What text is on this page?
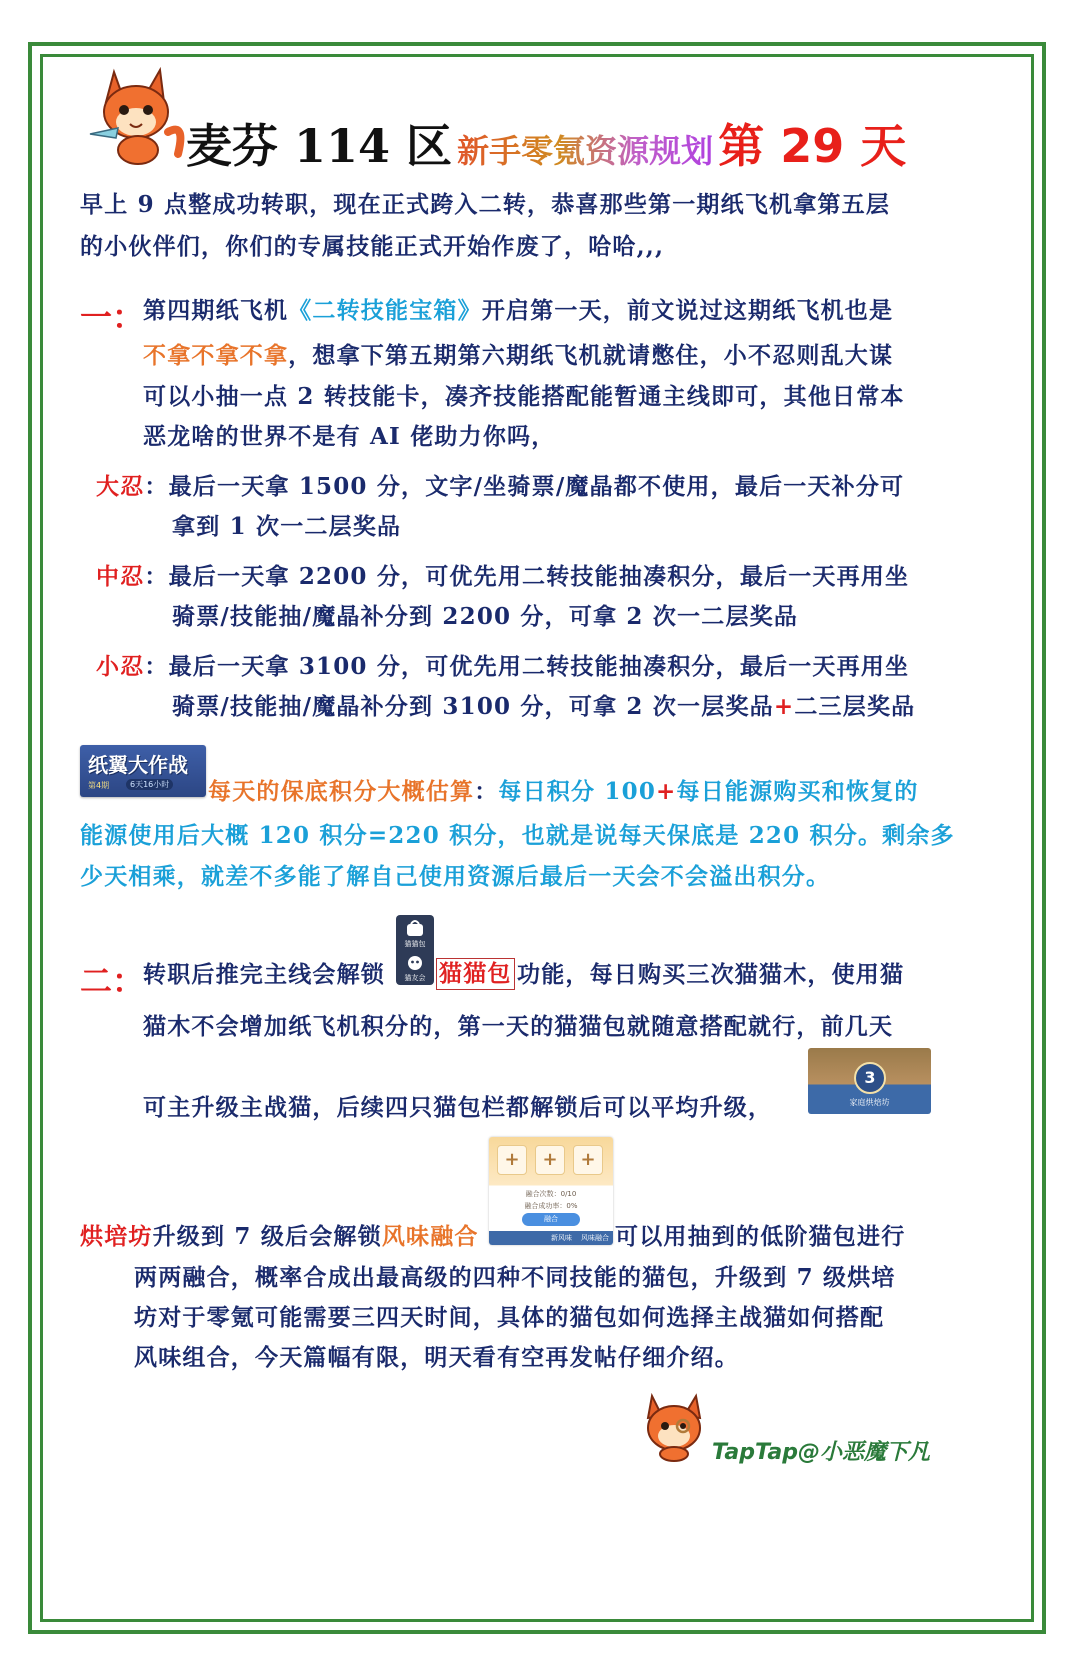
麦芬 114 区 新手零氪资源规划 第 29 天
早上 9 点整成功转职，现在正式跨入二转，恭喜那些第一期纸飞机拿第五层
的小伙伴们，你们的专属技能正式开始作废了，哈哈,,,
一：
第四期纸飞机《二转技能宝箱》开启第一天，前文说过这期纸飞机也是
不拿不拿不拿，想拿下第五期第六期纸飞机就请憋住，小不忍则乱大谋
可以小抽一点 2 转技能卡，凑齐技能搭配能暂通主线即可，其他日常本
恶龙啥的世界不是有 AI 佬助力你吗，
大忍：最后一天拿 1500 分，文字/坐骑票/魔晶都不使用，最后一天补分可
拿到 1 次一二层奖品
中忍：最后一天拿 2200 分，可优先用二转技能抽凑积分，最后一天再用坐
骑票/技能抽/魔晶补分到 2200 分，可拿 2 次一二层奖品
小忍：最后一天拿 3100 分，可优先用二转技能抽凑积分，最后一天再用坐
骑票/技能抽/魔晶补分到 3100 分，可拿 2 次一层奖品+二三层奖品
纸翼大作战
第4期	6天16小时 每天的保底积分大概估算：每日积分 100+每日能源购买和恢复的
能源使用后大概 120 积分=220 积分，也就是说每天保底是 220 积分。剩余多
少天相乘，就差不多能了解自己使用资源后最后一天会不会溢出积分。
二：
转职后推完主线会解锁
猫猫包
猫友会 猫猫包 功能，每日购买三次猫猫木，使用猫
猫木不会增加纸飞机积分的，第一天的猫猫包就随意搭配就行，前几天
可主升级主战猫，后续四只猫包栏都解锁后可以平均升级，
3
家庭烘焙坊
+	+	+
融合次数：0/10
融合成功率：0%
融合
新风味 风味融合
烘培坊升级到 7 级后会解锁风味融合	可以用抽到的低阶猫包进行
两两融合，概率合成出最高级的四种不同技能的猫包，升级到 7 级烘培
坊对于零氪可能需要三四天时间，具体的猫包如何选择主战猫如何搭配
风味组合，今天篇幅有限，明天看有空再发帖仔细介绍。
TapTap@小恶魔下凡
